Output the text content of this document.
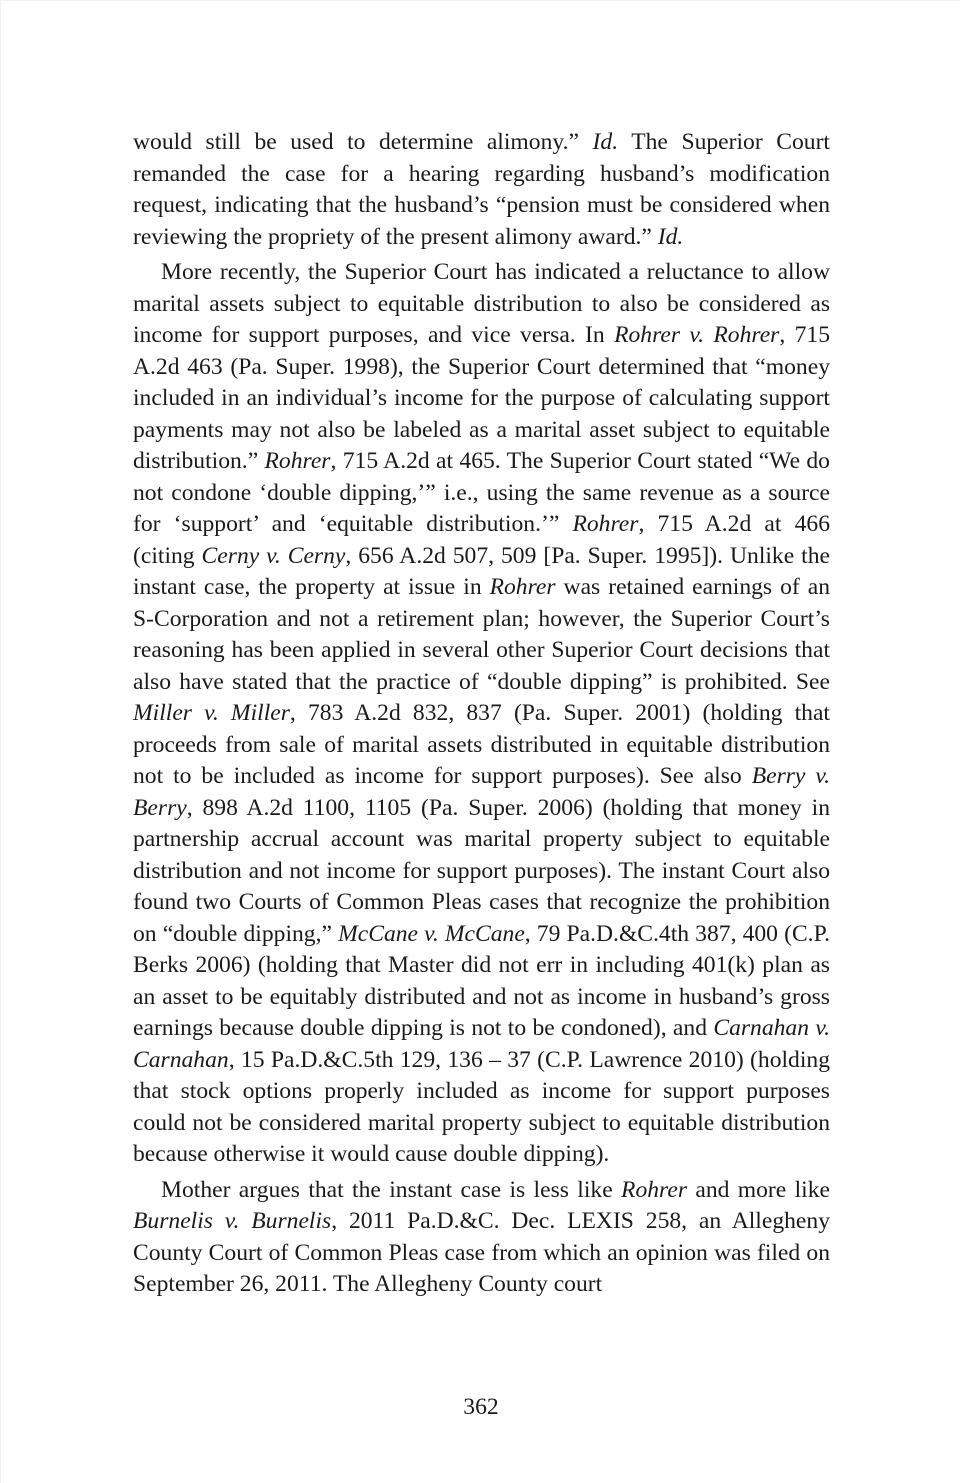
would still be used to determine alimony.” Id. The Superior Court remanded the case for a hearing regarding husband’s modification request, indicating that the husband’s “pension must be considered when reviewing the propriety of the present alimony award.” Id.

More recently, the Superior Court has indicated a reluctance to allow marital assets subject to equitable distribution to also be considered as income for support purposes, and vice versa. In Rohrer v. Rohrer, 715 A.2d 463 (Pa. Super. 1998), the Superior Court determined that “money included in an individual’s income for the purpose of calculating support payments may not also be labeled as a marital asset subject to equitable distribution.” Rohrer, 715 A.2d at 465. The Superior Court stated “We do not condone ‘double dipping,’” i.e., using the same revenue as a source for ‘support’ and ‘equitable distribution.’” Rohrer, 715 A.2d at 466 (citing Cerny v. Cerny, 656 A.2d 507, 509 [Pa. Super. 1995]). Unlike the instant case, the property at issue in Rohrer was retained earnings of an S-Corporation and not a retirement plan; however, the Superior Court’s reasoning has been applied in several other Superior Court decisions that also have stated that the practice of “double dipping” is prohibited. See Miller v. Miller, 783 A.2d 832, 837 (Pa. Super. 2001) (holding that proceeds from sale of marital assets distributed in equitable distribution not to be included as income for support purposes). See also Berry v. Berry, 898 A.2d 1100, 1105 (Pa. Super. 2006) (holding that money in partnership accrual account was marital property subject to equitable distribution and not income for support purposes). The instant Court also found two Courts of Common Pleas cases that recognize the prohibition on “double dipping,” McCane v. McCane, 79 Pa.D.&C.4th 387, 400 (C.P. Berks 2006) (holding that Master did not err in including 401(k) plan as an asset to be equitably distributed and not as income in husband’s gross earnings because double dipping is not to be condoned), and Carnahan v. Carnahan, 15 Pa.D.&C.5th 129, 136 – 37 (C.P. Lawrence 2010) (holding that stock options properly included as income for support purposes could not be considered marital property subject to equitable distribution because otherwise it would cause double dipping).

Mother argues that the instant case is less like Rohrer and more like Burnelis v. Burnelis, 2011 Pa.D.&C. Dec. LEXIS 258, an Allegheny County Court of Common Pleas case from which an opinion was filed on September 26, 2011. The Allegheny County court

362
